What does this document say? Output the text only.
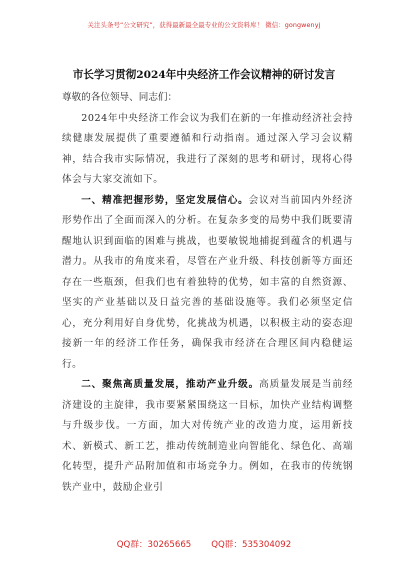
关注头条号“公文研究”，获得最新最全最专业的公文资料库！ 微信：gongwenyj
市长学习贯彻2024年中央经济工作会议精神的研讨发言
尊敬的各位领导、同志们：

2024年中央经济工作会议为我们在新的一年推动经济社会持续健康发展提供了重要遵循和行动指南。通过深入学习会议精神，结合我市实际情况，我进行了深刻的思考和研讨，现将心得体会与大家交流如下。

一、精准把握形势，坚定发展信心。会议对当前国内外经济形势作出了全面而深入的分析。在复杂多变的局势中我们既要清醒地认识到面临的困难与挑战，也要敏锐地捕捉到蕴含的机遇与潜力。从我市的角度来看，尽管在产业升级、科技创新等方面还存在一些瓶颈，但我们也有着独特的优势，如丰富的自然资源、坚实的产业基础以及日益完善的基础设施等。我们必须坚定信心，充分利用好自身优势，化挑战为机遇，以积极主动的姿态迎接新一年的经济工作任务，确保我市经济在合理区间内稳健运行。

二、聚焦高质量发展，推动产业升级。高质量发展是当前经济建设的主旋律，我市要紧紧围绕这一目标，加快产业结构调整与升级步伐。一方面，加大对传统产业的改造力度，运用新技术、新模式、新工艺，推动传统制造业向智能化、绿色化、高端化转型，提升产品附加值和市场竞争力。例如，在我市的传统钢铁产业中，鼓励企业引

QQ群：30265665 QQ群：535304092
